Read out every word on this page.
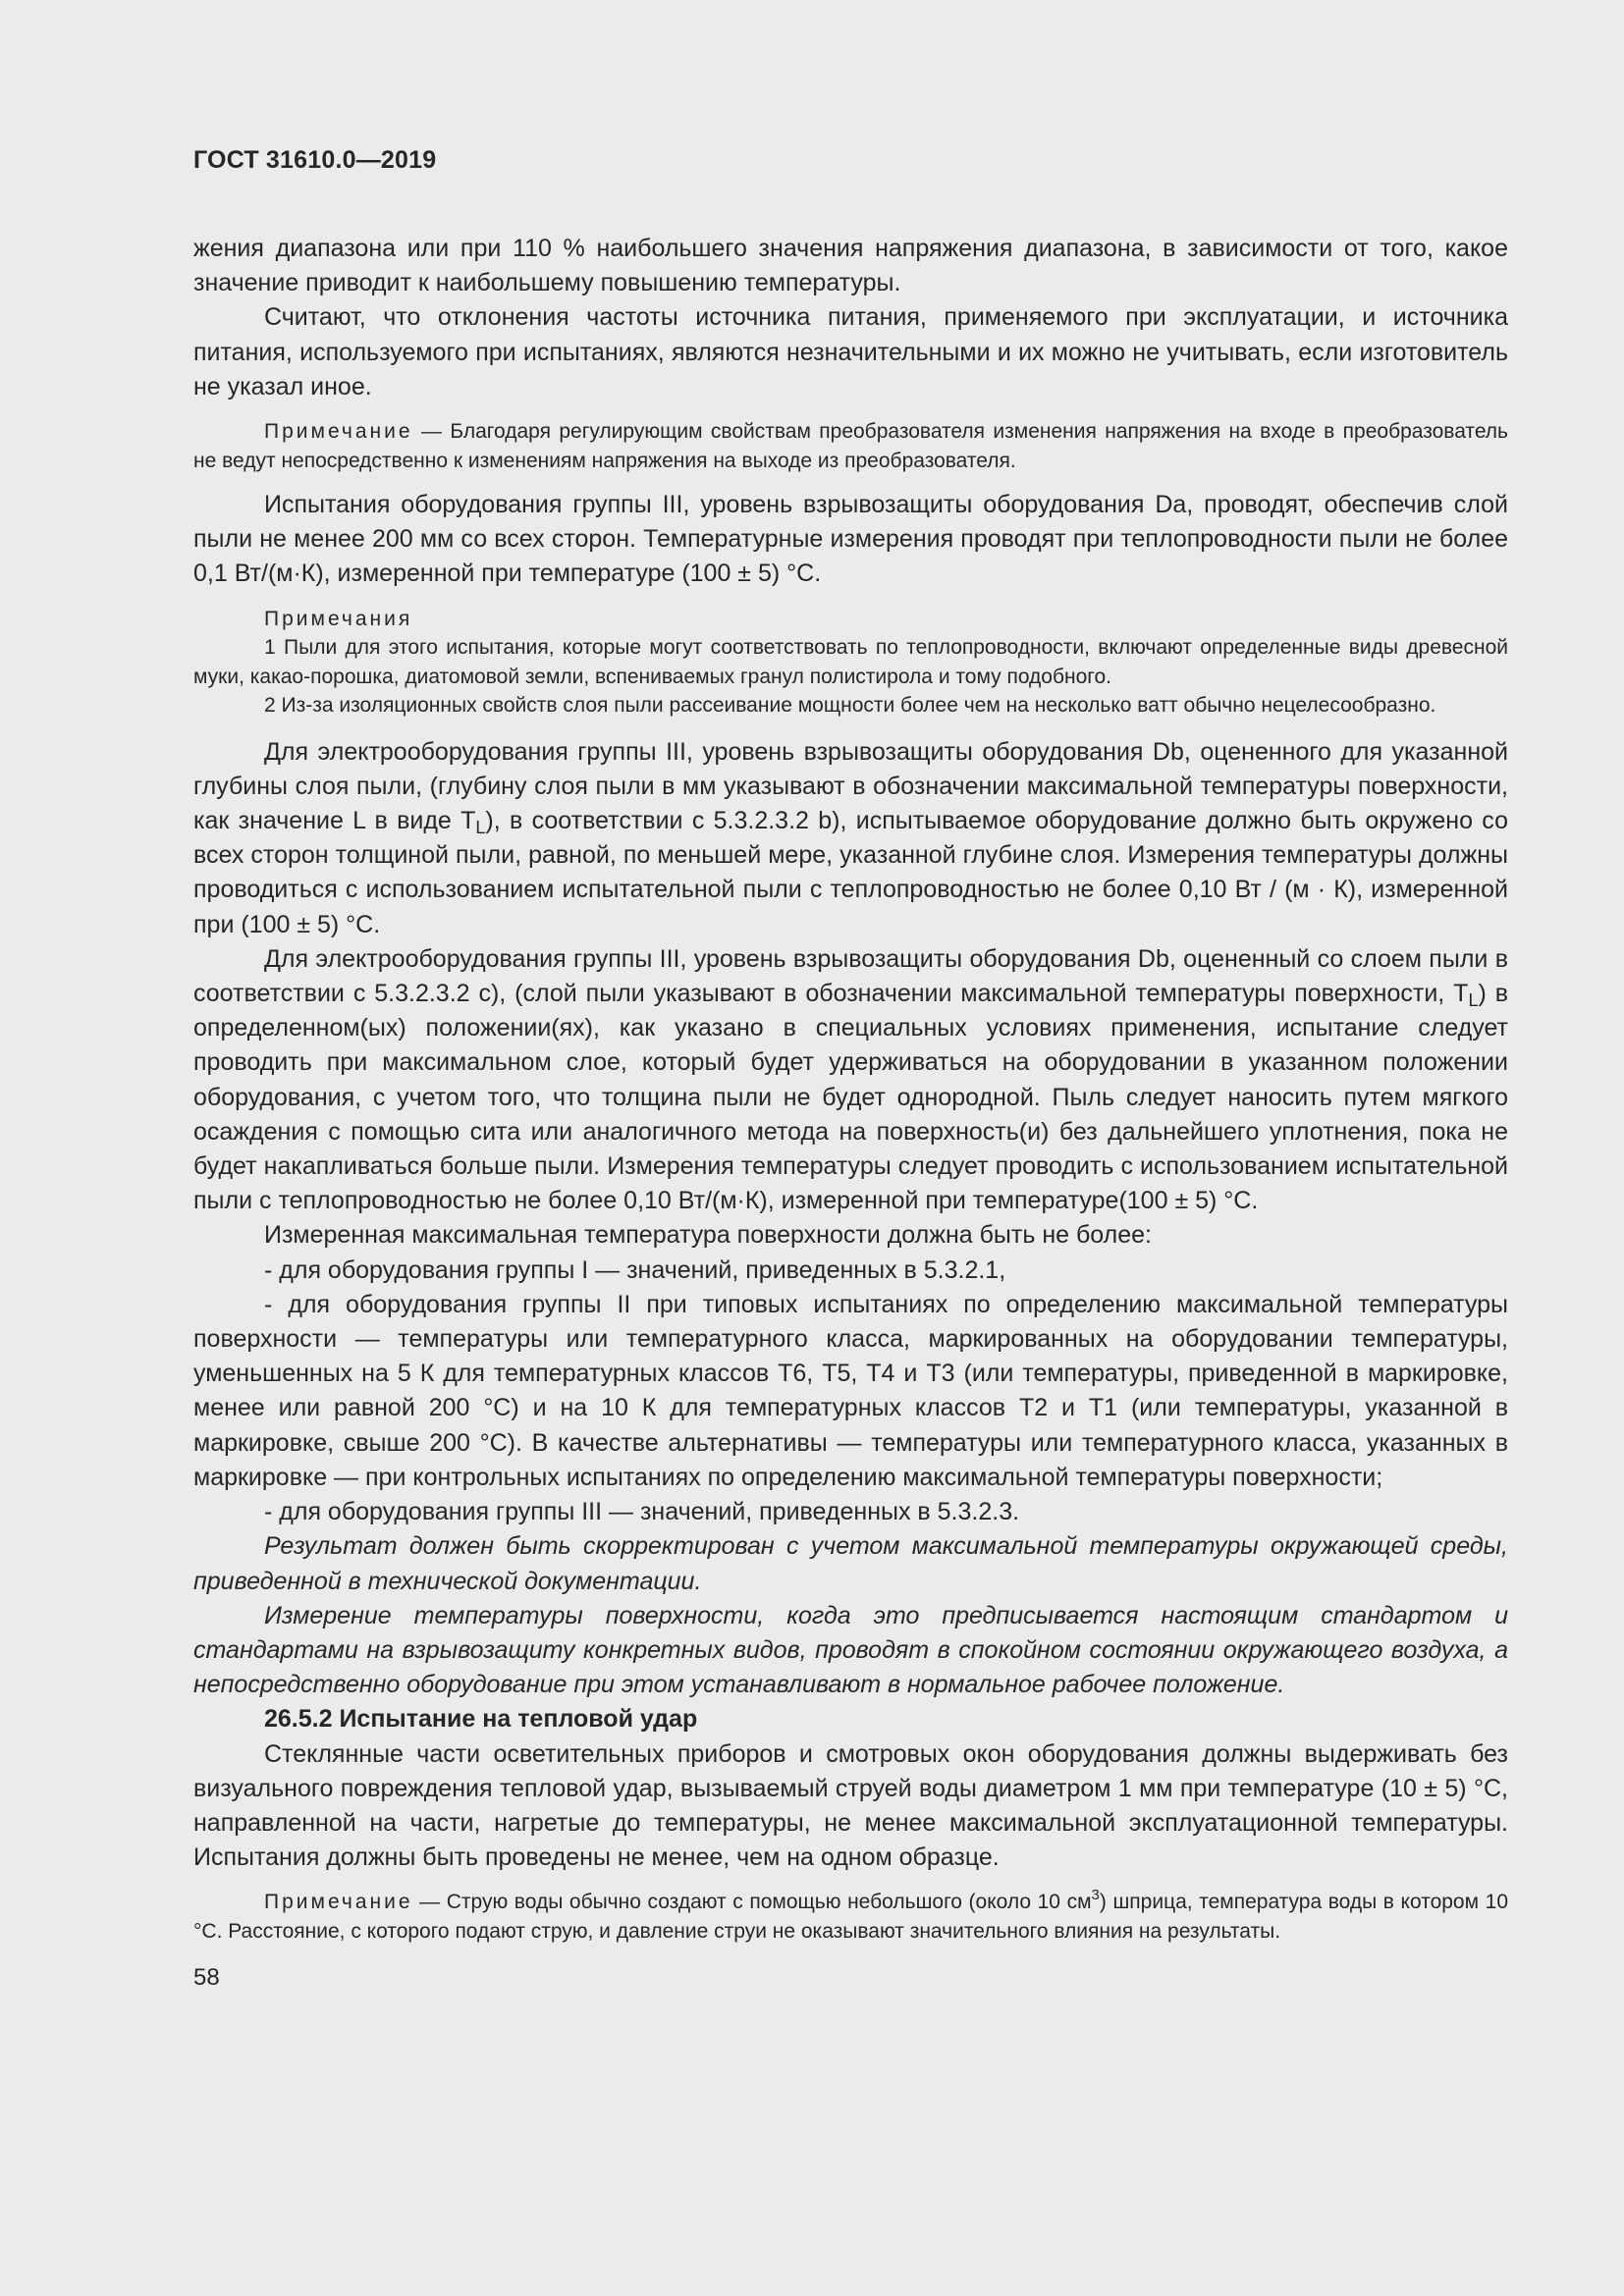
ГОСТ 31610.0—2019

жения диапазона или при 110 % наибольшего значения напряжения диапазона, в зависимости от того, какое значение приводит к наибольшему повышению температуры.

Считают, что отклонения частоты источника питания, применяемого при эксплуатации, и источника питания, используемого при испытаниях, являются незначительными и их можно не учитывать, если изготовитель не указал иное.

Примечание — Благодаря регулирующим свойствам преобразователя изменения напряжения на входе в преобразователь не ведут непосредственно к изменениям напряжения на выходе из преобразователя.

Испытания оборудования группы III, уровень взрывозащиты оборудования Da, проводят, обеспечив слой пыли не менее 200 мм со всех сторон. Температурные измерения проводят при теплопроводности пыли не более 0,1 Вт/(м·К), измеренной при температуре (100 ± 5) °С.

Примечания

1 Пыли для этого испытания, которые могут соответствовать по теплопроводности, включают определенные виды древесной муки, какао-порошка, диатомовой земли, вспениваемых гранул полистирола и тому подобного.

2 Из-за изоляционных свойств слоя пыли рассеивание мощности более чем на несколько ватт обычно нецелесообразно.

Для электрооборудования группы III, уровень взрывозащиты оборудования Db, оцененного для указанной глубины слоя пыли, (глубину слоя пыли в мм указывают в обозначении максимальной температуры поверхности, как значение L в виде $T_L$), в соответствии с 5.3.2.3.2 b), испытываемое оборудование должно быть окружено со всех сторон толщиной пыли, равной, по меньшей мере, указанной глубине слоя. Измерения температуры должны проводиться с использованием испытательной пыли с теплопроводностью не более 0,10 Вт / (м · К), измеренной при (100 ± 5) °С.

Для электрооборудования группы III, уровень взрывозащиты оборудования Db, оцененный со слоем пыли в соответствии с 5.3.2.3.2 с), (слой пыли указывают в обозначении максимальной температуры поверхности, $T_L$) в определенном(ых) положении(ях), как указано в специальных условиях применения, испытание следует проводить при максимальном слое, который будет удерживаться на оборудовании в указанном положении оборудования, с учетом того, что толщина пыли не будет однородной. Пыль следует наносить путем мягкого осаждения с помощью сита или аналогичного метода на поверхность(и) без дальнейшего уплотнения, пока не будет накапливаться больше пыли. Измерения температуры следует проводить с использованием испытательной пыли с теплопроводностью не более 0,10 Вт/(м·К), измеренной при температуре(100 ± 5) °С.

Измеренная максимальная температура поверхности должна быть не более:

- для оборудования группы I — значений, приведенных в 5.3.2.1,

- для оборудования группы II при типовых испытаниях по определению максимальной температуры поверхности — температуры или температурного класса, маркированных на оборудовании температуры, уменьшенных на 5 К для температурных классов Т6, Т5, Т4 и Т3 (или температуры, приведенной в маркировке, менее или равной 200 °С) и на 10 К для температурных классов Т2 и Т1 (или температуры, указанной в маркировке, свыше 200 °С). В качестве альтернативы — температуры или температурного класса, указанных в маркировке — при контрольных испытаниях по определению максимальной температуры поверхности;

- для оборудования группы III — значений, приведенных в 5.3.2.3.

Результат должен быть скорректирован с учетом максимальной температуры окружающей среды, приведенной в технической документации.

Измерение температуры поверхности, когда это предписывается настоящим стандартом и стандартами на взрывозащиту конкретных видов, проводят в спокойном состоянии окружающего воздуха, а непосредственно оборудование при этом устанавливают в нормальное рабочее положение.

26.5.2 Испытание на тепловой удар

Стеклянные части осветительных приборов и смотровых окон оборудования должны выдерживать без визуального повреждения тепловой удар, вызываемый струей воды диаметром 1 мм при температуре (10 ± 5) °С, направленной на части, нагретые до температуры, не менее максимальной эксплуатационной температуры. Испытания должны быть проведены не менее, чем на одном образце.

Примечание — Струю воды обычно создают с помощью небольшого (около 10 $см^3$) шприца, температура воды в котором 10 °С. Расстояние, с которого подают струю, и давление струи не оказывают значительного влияния на результаты.

58
